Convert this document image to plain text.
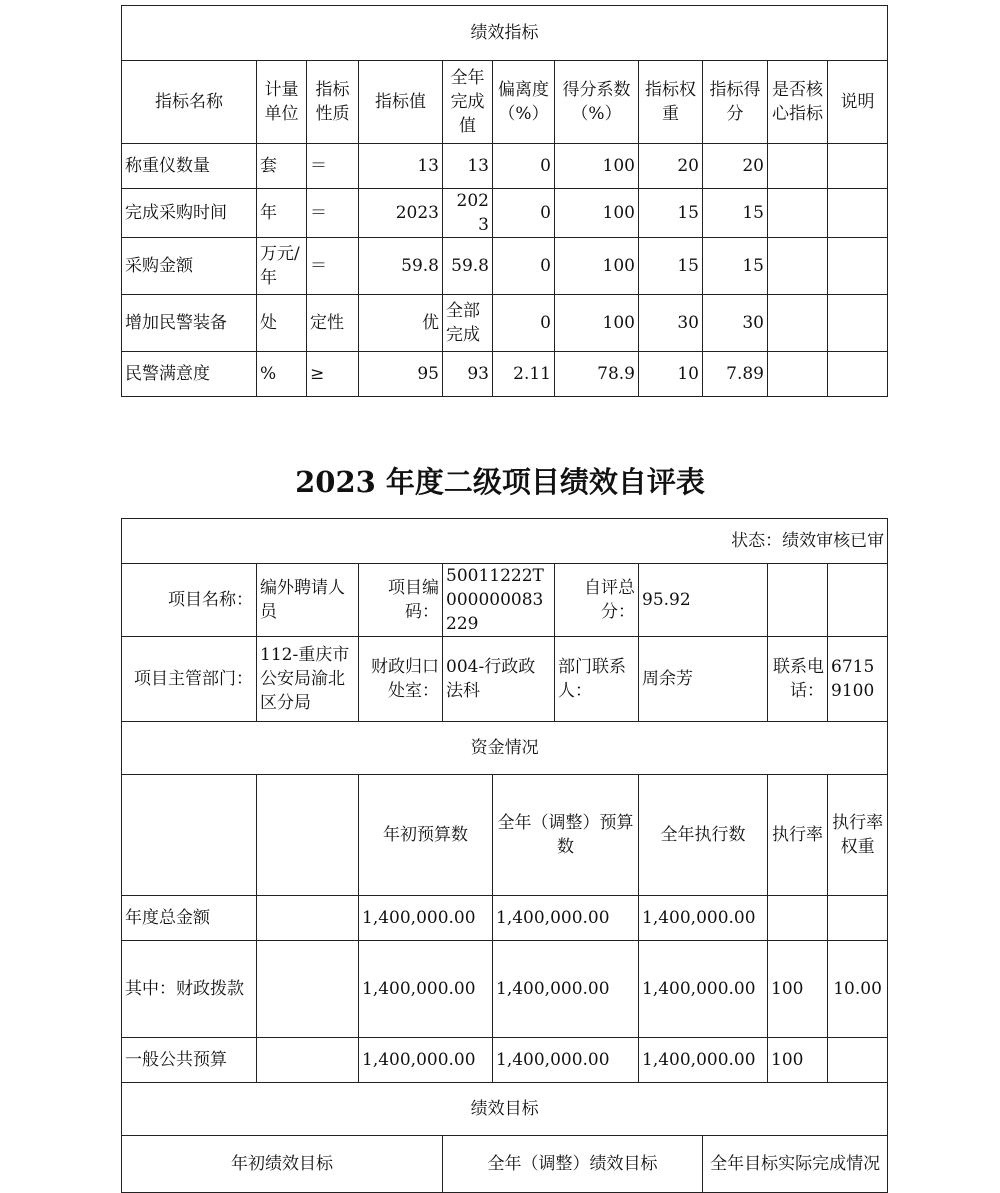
绩效指标										
指标名称	计量单位	指标性质	指标值	全年完成值	偏离度（%）	得分系数（%）	指标权重	指标得分	是否核心指标	说明
称重仪数量	套	＝	13	13	0	100	20	20		
完成采购时间	年	＝	2023	2023	0	100	15	15		
采购金额	万元/年	＝	59.8	59.8	0	100	15	15		
增加民警装备	处	定性	优	全部完成	0	100	30	30		
民警满意度	%	≥	95	93	2.11	78.9	10	7.89		
2023 年度二级项目绩效自评表
状态：绩效审核已审										
项目名称：	编外聘请人员	项目编码：	50011222T000000083229		自评总分：	95.92				
项目主管部门：	112-重庆市公安局渝北区分局	财政归口处室：	004-行政政法科		部门联系人：	周余芳		联系电话：	67159100	
资金情况										
		年初预算数		全年（调整）预算数		全年执行数		执行率	执行率权重	
年度总金额		1,400,000.00		1,400,000.00		1,400,000.00				
其中：财政拨款		1,400,000.00		1,400,000.00		1,400,000.00		100	10.00	
一般公共预算		1,400,000.00		1,400,000.00		1,400,000.00		100		
绩效目标										
年初绩效目标			全年（调整）绩效目标				全年目标实际完成情况			
